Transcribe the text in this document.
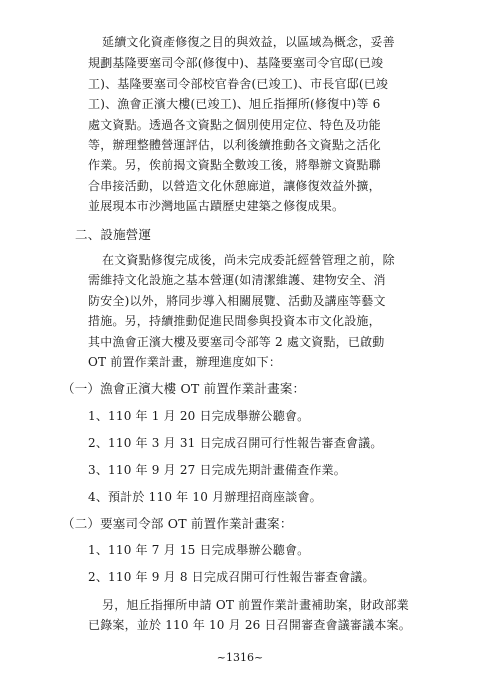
延續文化資產修復之目的與效益，以區域為概念，妥善
規劃基隆要塞司令部(修復中)、基隆要塞司令官邸(已竣
工)、基隆要塞司令部校官眷舍(已竣工)、市長官邸(已竣
工)、漁會正濱大樓(已竣工)、旭丘指揮所(修復中)等 6
處文資點。透過各文資點之個別使用定位、特色及功能
等，辦理整體營運評估，以利後續推動各文資點之活化
作業。另，俟前揭文資點全數竣工後，將舉辦文資點聯
合串接活動，以營造文化休憩廊道，讓修復效益外擴，
並展現本市沙灣地區古蹟歷史建築之修復成果。
二、設施營運
在文資點修復完成後，尚未完成委託經營管理之前，除
需維持文化設施之基本營運(如清潔維護、建物安全、消
防安全)以外，將同步導入相關展覽、活動及講座等藝文
措施。另，持續推動促進民間參與投資本市文化設施，
其中漁會正濱大樓及要塞司令部等 2 處文資點，已啟動
OT 前置作業計畫，辦理進度如下：
（一）漁會正濱大樓 OT 前置作業計畫案：
1、110 年 1 月 20 日完成舉辦公聽會。
2、110 年 3 月 31 日完成召開可行性報告審查會議。
3、110 年 9 月 27 日完成先期計畫備查作業。
4、預計於 110 年 10 月辦理招商座談會。
（二）要塞司令部 OT 前置作業計畫案：
1、110 年 7 月 15 日完成舉辦公聽會。
2、110 年 9 月 8 日完成召開可行性報告審查會議。
另，旭丘指揮所申請 OT 前置作業計畫補助案，財政部業
已錄案，並於 110 年 10 月 26 日召開審查會議審議本案。
~1316~
